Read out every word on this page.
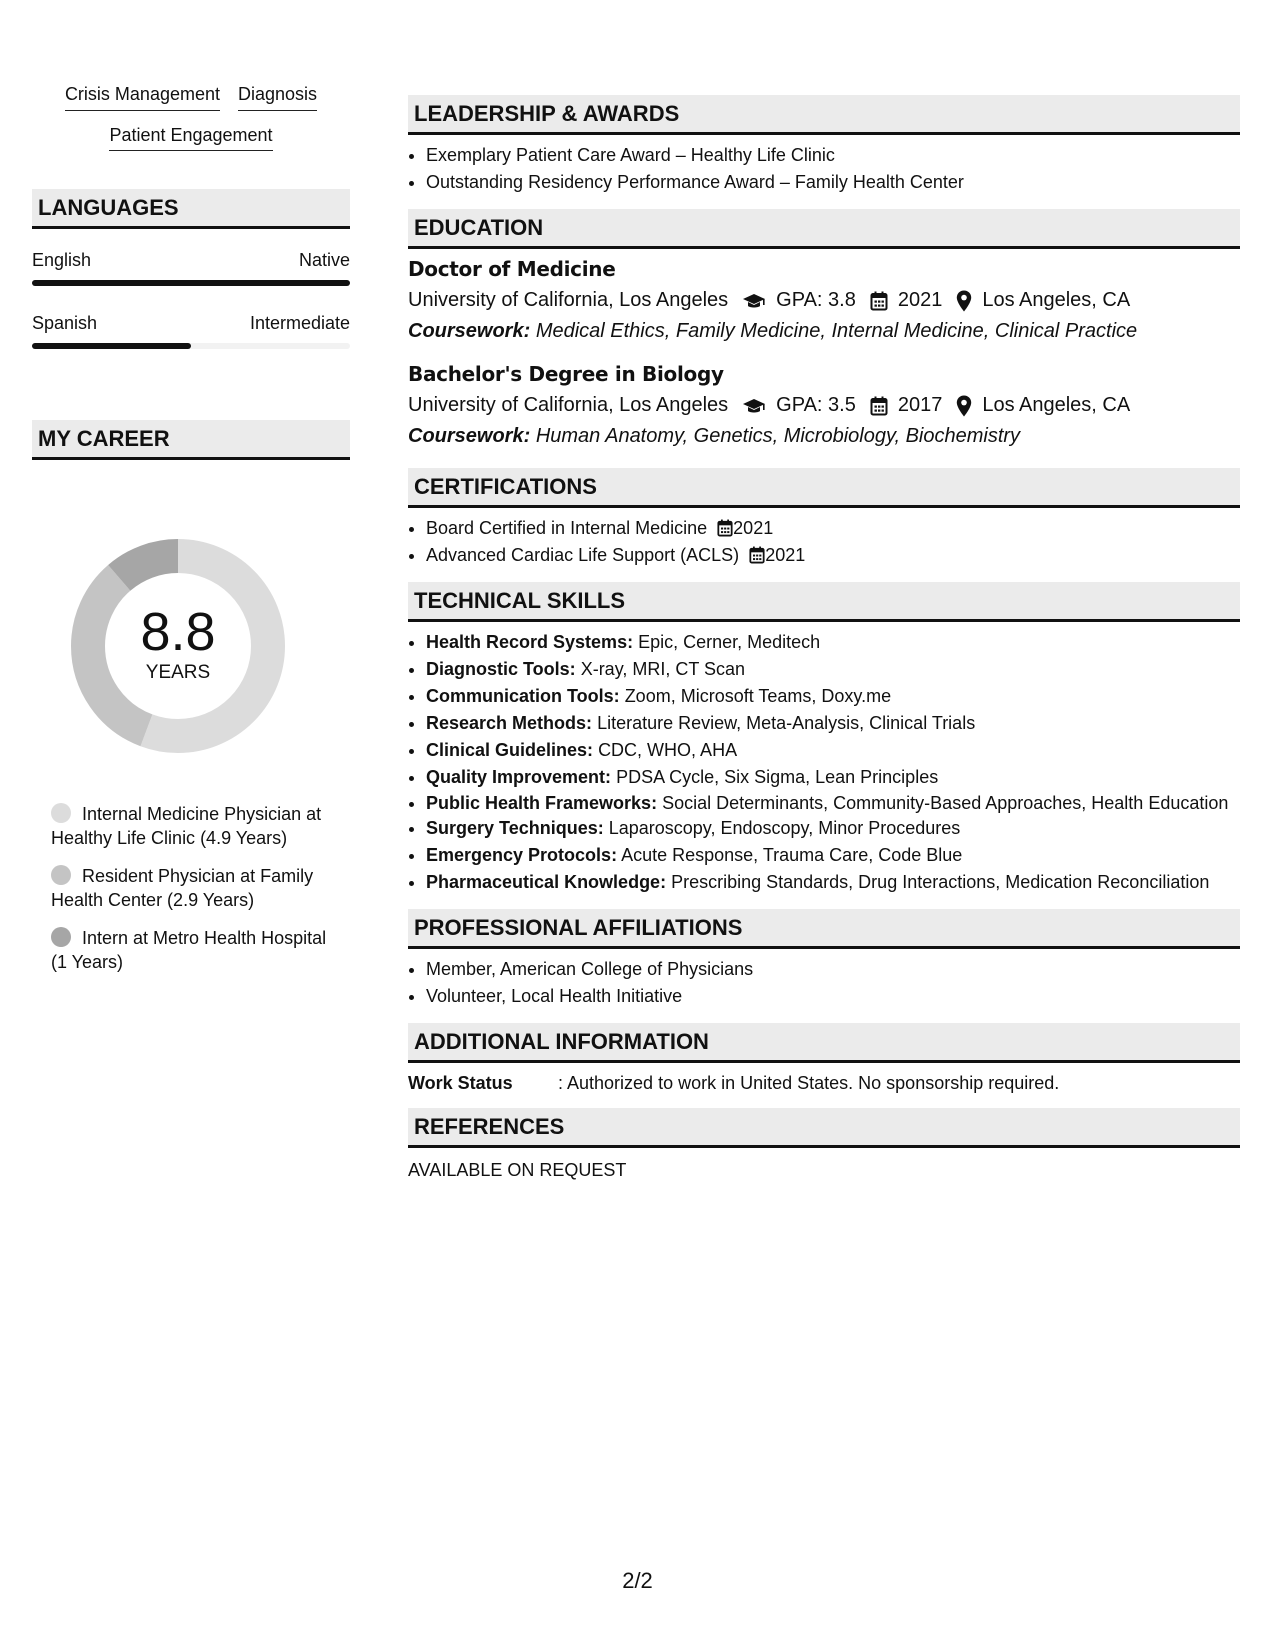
Crisis Management Diagnosis
Patient Engagement
LANGUAGES
English	Native
Spanish	Intermediate
MY CAREER
8.8
YEARS
Internal Medicine Physician at Healthy Life Clinic (4.9 Years)
Resident Physician at Family Health Center (2.9 Years)
Intern at Metro Health Hospital (1 Years)
LEADERSHIP & AWARDS
• Exemplary Patient Care Award – Healthy Life Clinic
• Outstanding Residency Performance Award – Family Health Center
EDUCATION
Doctor of Medicine
University of California, Los Angeles GPA: 3.8 2021 Los Angeles, CA
Coursework: Medical Ethics, Family Medicine, Internal Medicine, Clinical Practice
Bachelor's Degree in Biology
University of California, Los Angeles GPA: 3.5 2017 Los Angeles, CA
Coursework: Human Anatomy, Genetics, Microbiology, Biochemistry
CERTIFICATIONS
• Board Certified in Internal Medicine 2021
• Advanced Cardiac Life Support (ACLS) 2021
TECHNICAL SKILLS
• Health Record Systems: Epic, Cerner, Meditech
• Diagnostic Tools: X-ray, MRI, CT Scan
• Communication Tools: Zoom, Microsoft Teams, Doxy.me
• Research Methods: Literature Review, Meta-Analysis, Clinical Trials
• Clinical Guidelines: CDC, WHO, AHA
• Quality Improvement: PDSA Cycle, Six Sigma, Lean Principles
• Public Health Frameworks: Social Determinants, Community-Based Approaches, Health Education
• Surgery Techniques: Laparoscopy, Endoscopy, Minor Procedures
• Emergency Protocols: Acute Response, Trauma Care, Code Blue
• Pharmaceutical Knowledge: Prescribing Standards, Drug Interactions, Medication Reconciliation
PROFESSIONAL AFFILIATIONS
• Member, American College of Physicians
• Volunteer, Local Health Initiative
ADDITIONAL INFORMATION
Work Status	: Authorized to work in United States. No sponsorship required.
REFERENCES
AVAILABLE ON REQUEST
2/2
